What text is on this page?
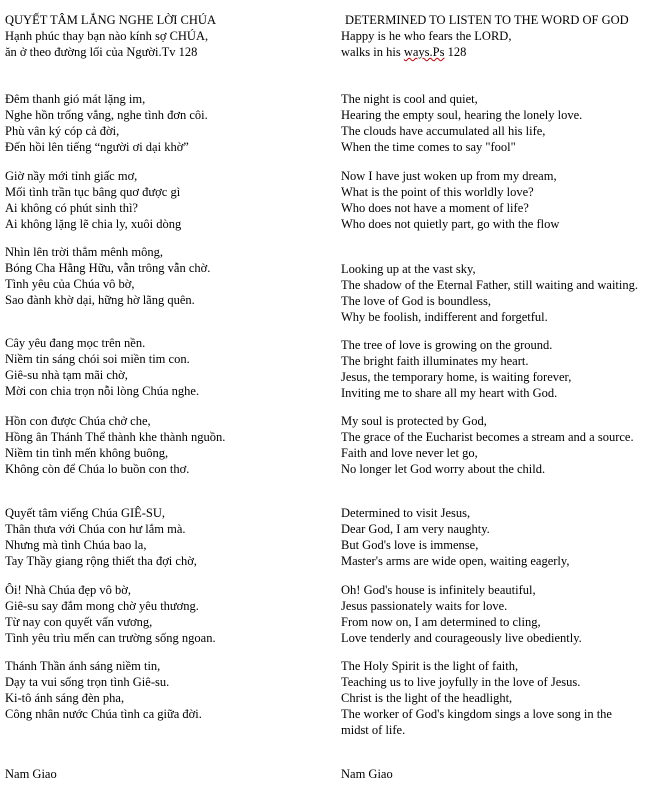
QUYẾT TÂM LẮNG NGHE LỜI CHÚA
Hạnh phúc thay bạn nào kính sợ CHÚA,
ăn ở theo đường lối của Người.Tv 128
Đêm thanh gió mát lặng im,
Nghe hồn trống vắng, nghe tình đơn côi.
Phù vân ký cóp cả đời,
Đến hồi lên tiếng “người ơi dại khờ”
Giờ nầy mới tỉnh giấc mơ,
Mối tình trần tục bâng quơ được gì
Ai không có phút sinh thì?
Ai không lặng lẽ chia ly, xuôi dòng
Nhìn lên trời thẳm mênh mông,
Bóng Cha Hằng Hữu, vẫn trông vẫn chờ.
Tình yêu của Chúa vô bờ,
Sao đành khờ dại, hững hờ lãng quên.
Cây yêu đang mọc trên nền.
Niềm tin sáng chói soi miền tim con.
Giê-su nhà tạm mãi chờ,
Mời con chia trọn nỗi lòng Chúa nghe.
Hồn con được Chúa chở che,
Hồng ân Thánh Thể thành khe thành nguồn.
Niềm tin tình mến không buông,
Không còn để Chúa lo buồn con thơ.
Quyết tâm viếng Chúa GIÊ-SU,
Thân thưa với Chúa con hư lắm mà.
Nhưng mà tình Chúa bao la,
Tay Thầy giang rộng thiết tha đợi chờ,
Ôi! Nhà Chúa đẹp vô bờ,
Giê-su say đắm mong chờ yêu thương.
Từ nay con quyết vấn vương,
Tình yêu trìu mến can trường sống ngoan.
Thánh Thần ánh sáng niềm tin,
Dạy ta vui sống trọn tình Giê-su.
Ki-tô ánh sáng đèn pha,
Công nhân nước Chúa tình ca giữa đời.
Nam Giao
DETERMINED TO LISTEN TO THE WORD OF GOD
Happy is he who fears the LORD,
walks in his ways.Ps 128
The night is cool and quiet,
Hearing the empty soul, hearing the lonely love.
The clouds have accumulated all his life,
When the time comes to say "fool"
Now I have just woken up from my dream,
What is the point of this worldly love?
Who does not have a moment of life?
Who does not quietly part, go with the flow
Looking up at the vast sky,
The shadow of the Eternal Father, still waiting and waiting.
The love of God is boundless,
Why be foolish, indifferent and forgetful.
The tree of love is growing on the ground.
The bright faith illuminates my heart.
Jesus, the temporary home, is waiting forever,
Inviting me to share all my heart with God.
My soul is protected by God,
The grace of the Eucharist becomes a stream and a source.
Faith and love never let go,
No longer let God worry about the child.
Determined to visit Jesus,
Dear God, I am very naughty.
But God's love is immense,
Master's arms are wide open, waiting eagerly,
Oh! God's house is infinitely beautiful,
Jesus passionately waits for love.
From now on, I am determined to cling,
Love tenderly and courageously live obediently.
The Holy Spirit is the light of faith,
Teaching us to live joyfully in the love of Jesus.
Christ is the light of the headlight,
The worker of God's kingdom sings a love song in the midst of life.
Nam Giao
